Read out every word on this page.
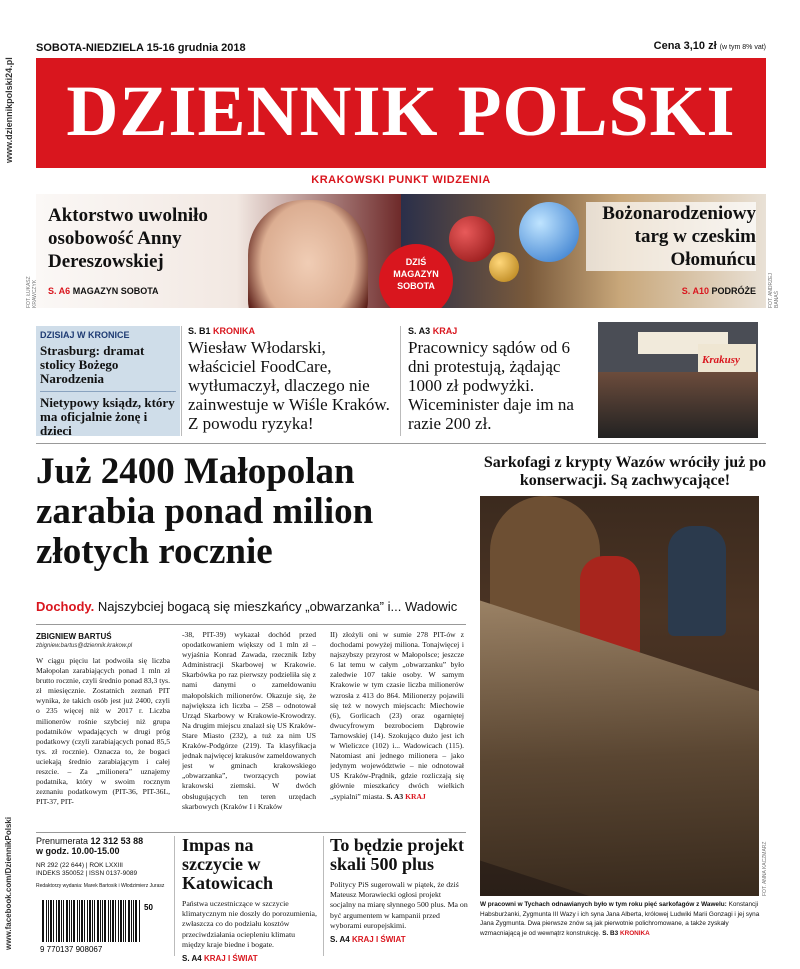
www.dziennikpolski24.pl
www.facebook.com/DziennikPolski
SOBOTA-NIEDZIELA 15-16 grudnia 2018	Cena 3,10 zł (w tym 8% vat)
DZIENNIK POLSKI
KRAKOWSKI PUNKT WIDZENIA
Aktorstwo uwolniło osobowość Anny Dereszowskiej
S. A6 MAGAZYN SOBOTA
DZIŚ
MAGAZYN
SOBOTA
Bożonarodzeniowy targ w czeskim Ołomuńcu
S. A10 PODRÓŻE
FOT. ŁUKASZ KRAWCZYK	FOT. ANDRZEJ BANAŚ
DZISIAJ W KRONICE
Strasburg: dramat stolicy Bożego Narodzenia
Nietypowy ksiądz, który ma oficjalnie żonę i dzieci
S. B1 KRONIKA
Wiesław Włodarski, właściciel FoodCare, wytłumaczył, dlaczego nie zainwestuje w Wiśle Kraków. Z powodu ryzyka!
S. A3 KRAJ
Pracownicy sądów od 6 dni protestują, żądając 1000 zł podwyżki. Wiceminister daje im na razie 200 zł.
Krakusy
Już 2400 Małopolan zarabia ponad milion złotych rocznie
Dochody. Najszybciej bogacą się mieszkańcy „obwarzanka” i... Wadowic
ZBIGNIEW BARTUŚ
zbigniew.bartus@dziennik.krakow.pl
W ciągu pięciu lat podwoiła się liczba Małopolan zarabiających ponad 1 mln zł brutto rocznie, czyli średnio ponad 83,3 tys. zł miesięcznie. Zostatnich zeznań PIT wynika, że takich osób jest już 2400, czyli o 235 więcej niż w 2017 r. Liczba milionerów rośnie szybciej niż grupa podatników wpadających w drugi próg podatkowy (czyli zarabiających ponad 85,5 tys. zł rocznie). Oznacza to, że bogaci uciekają średnio zarabiającym i całej reszcie. – Za „milionera” uznajemy podatnika, który w swoim rocznym zeznaniu podatkowym (PIT-36, PIT-36L, PIT-37, PIT-
-38, PIT-39) wykazał dochód przed opodatkowaniem większy od 1 mln zł – wyjaśnia Konrad Zawada, rzecznik Izby Administracji Skarbowej w Krakowie. Skarbówka po raz pierwszy podzieliła się z nami danymi o zameldowaniu małopolskich milionerów. Okazuje się, że największa ich liczba – 258 – odnotował Urząd Skarbowy w Krakowie-Krowodrzy. Na drugim miejscu znalazł się US Kraków-Stare Miasto (232), a tuż za nim US Kraków-Podgórze (219). Ta klasyfikacja jednak najwięcej krakusów zameldowanych jest w gminach krakowskiego „obwarzanka”, tworzących powiat krakowski ziemski. W dwóch obsługujących ten teren urzędach skarbowych (Kraków I i Kraków
II) złożyli oni w sumie 278 PIT-ów z dochodami powyżej miliona. Tonajwięcej i najszybszy przyrost w Małopolsce; jeszcze 6 lat temu w całym „obwarzanku” było zaledwie 107 takie osoby. W samym Krakowie w tym czasie liczba milionerów wzrosła z 413 do 864. Milionerzy pojawili się też w nowych miejscach: Miechowie (6), Gorlicach (23) oraz ogarniętej dwucyfrowym bezrobociem Dąbrowie Tarnowskiej (14). Szokująco dużo jest ich w Wieliczce (102) i... Wadowicach (115). Natomiast ani jednego milionera – jako jedynym województwie – nie odnotował US Kraków-Prądnik, gdzie rozliczają się głównie mieszkańcy dwóch wielkich „sypialni” miasta. S. A3 KRAJ
Sarkofagi z krypty Wazów wróciły już po konserwacji. Są zachwycające!
FOT. ANNA KACZMARZ
W pracowni w Tychach odnawianych było w tym roku pięć sarkofagów z Wawelu: Konstancji Habsburżanki, Zygmunta III Wazy i ich syna Jana Alberta, królowej Ludwiki Marii Gonzagi i jej syna Jana Zygmunta. Dwa pierwsze znów są jak pierwotnie polichromowane, a także zyskały wzmacniającą je od wewnątrz konstrukcję. S. B3 KRONIKA
Prenumerata 12 312 53 88
w godz. 10.00-15.00
NR 292 (22 644) | ROK LXXIII
INDEKS 350052 | ISSN 0137-9089
Redaktorzy wydania: Marek Bartosik i Włodzimierz Jurasz
9 770137 908067
50
Impas na szczycie w Katowicach
Państwa uczestniczące w szczycie klimatycznym nie doszły do porozumienia, zwłaszcza co do podziału kosztów przeciwdziałania ociepleniu klimatu między kraje biedne i bogate.
S. A4 KRAJ I ŚWIAT
To będzie projekt skali 500 plus
Politycy PiS sugerowali w piątek, że dziś Mateusz Morawiecki ogłosi projekt socjalny na miarę słynnego 500 plus. Ma on być argumentem w kampanii przed wyborami europejskimi.
S. A4 KRAJ I ŚWIAT
